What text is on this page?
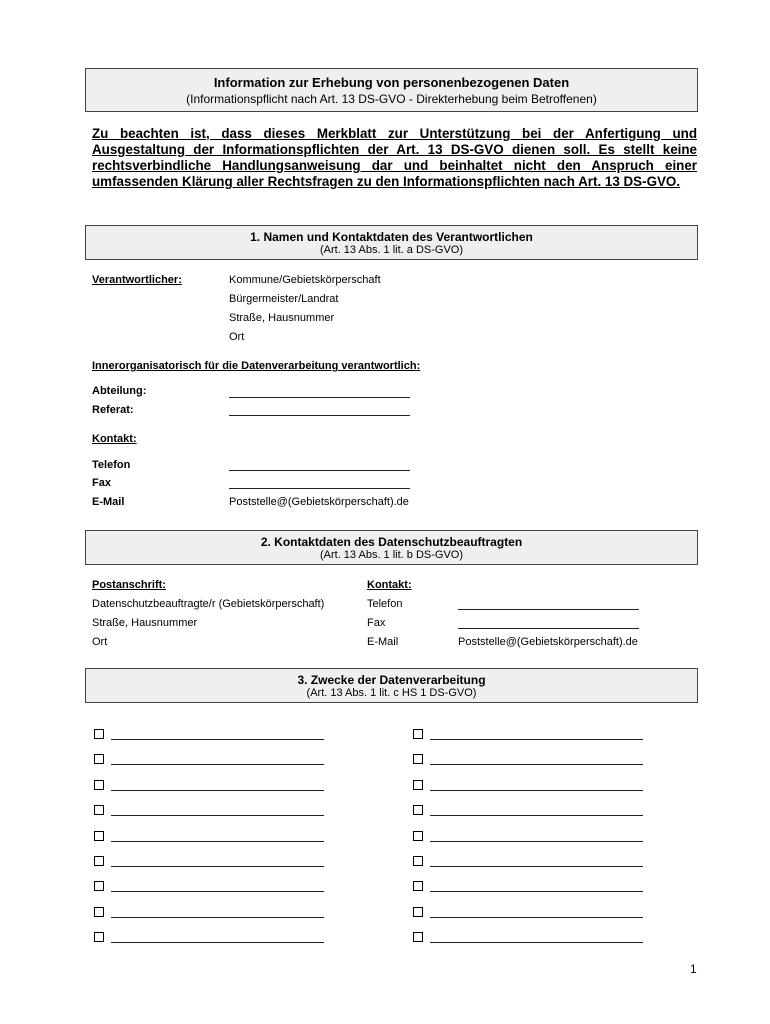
Information zur Erhebung von personenbezogenen Daten
(Informationspflicht nach Art. 13 DS-GVO - Direkterhebung beim Betroffenen)
Zu beachten ist, dass dieses Merkblatt zur Unterstützung bei der Anfertigung und Ausgestaltung der Informationspflichten der Art. 13 DS-GVO dienen soll. Es stellt keine rechtsverbindliche Handlungsanweisung dar und beinhaltet nicht den Anspruch einer umfassenden Klärung aller Rechtsfragen zu den Informationspflichten nach Art. 13 DS-GVO.
1. Namen und Kontaktdaten des Verantwortlichen
(Art. 13 Abs. 1 lit. a DS-GVO)
Verantwortlicher:	Kommune/Gebietskörperschaft
Bürgermeister/Landrat
Straße, Hausnummer
Ort
Innerorganisatorisch für die Datenverarbeitung verantwortlich:
Abteilung:
Referat:
Kontakt:
Telefon
Fax
E-Mail	Poststelle@(Gebietskörperschaft).de
2. Kontaktdaten des Datenschutzbeauftragten
(Art. 13 Abs. 1 lit. b DS-GVO)
Postanschrift:
Datenschutzbeauftragte/r (Gebietskörperschaft)
Straße, Hausnummer
Ort
Kontakt:
Telefon
Fax
E-Mail	Poststelle@(Gebietskörperschaft).de
3. Zwecke der Datenverarbeitung
(Art. 13 Abs. 1 lit. c HS 1 DS-GVO)
1
